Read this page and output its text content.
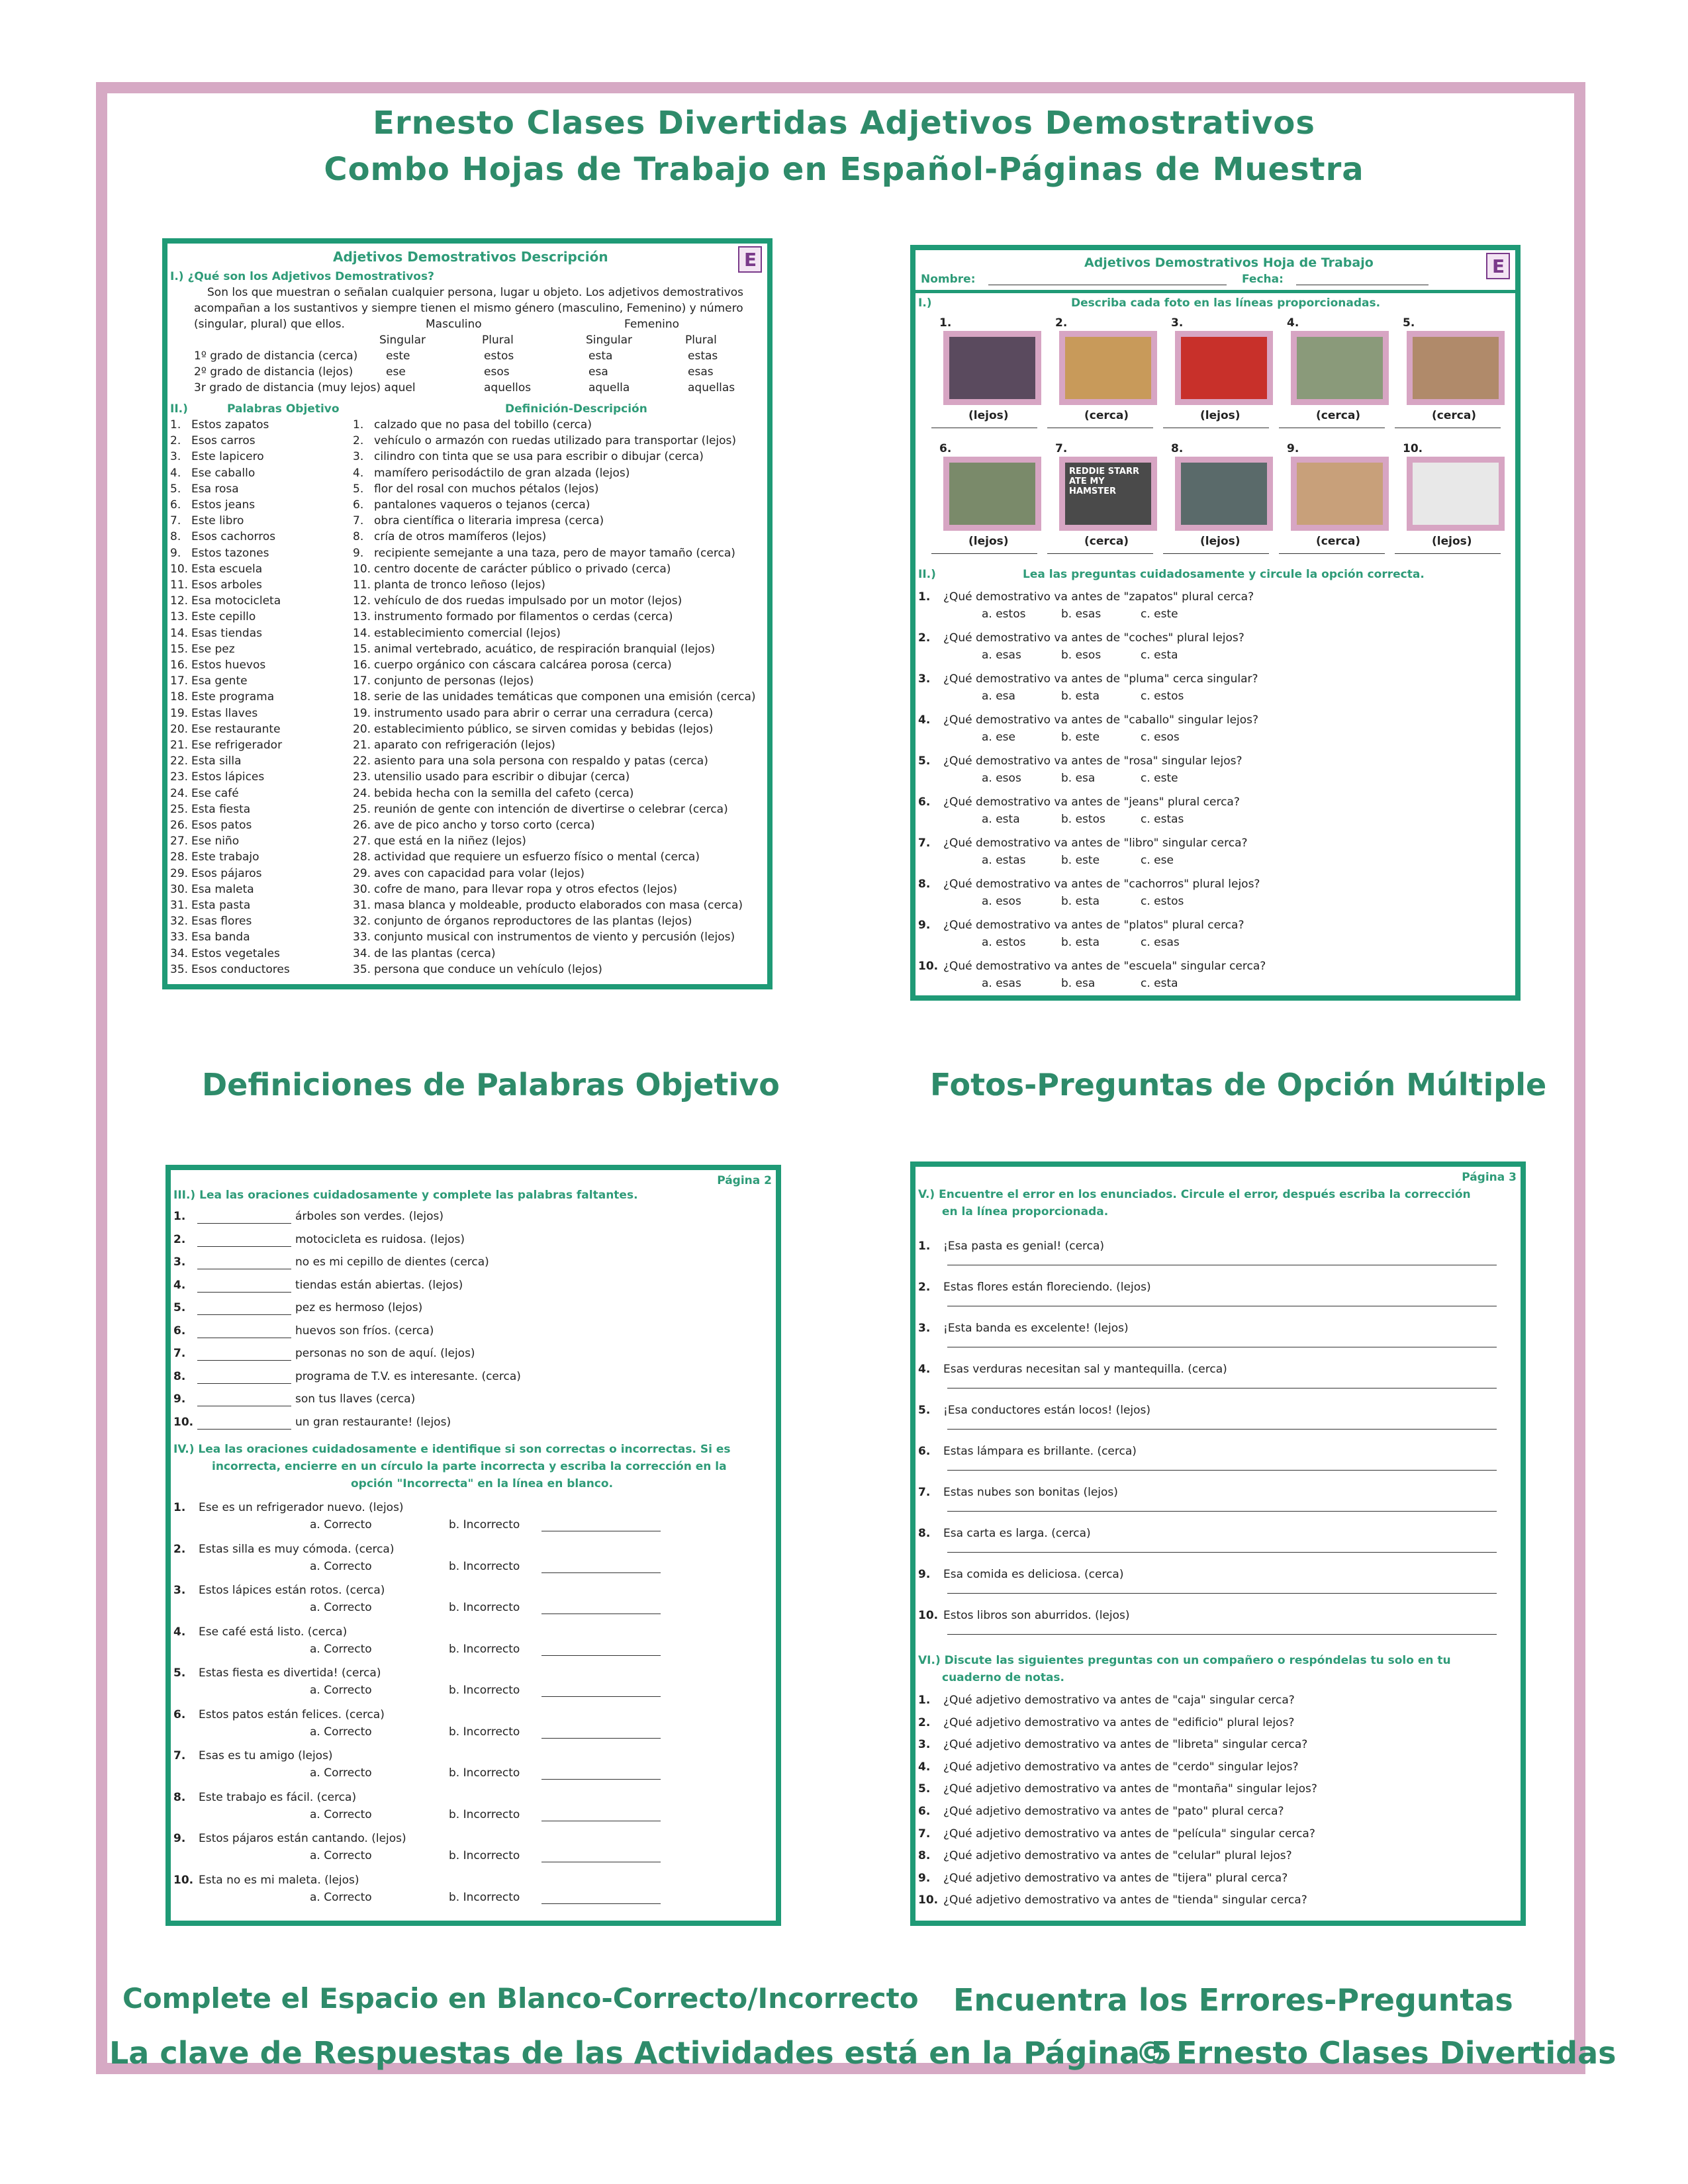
Ernesto Clases Divertidas Adjetivos Demostrativos
Combo Hojas de Trabajo en Español-Páginas de Muestra
Adjetivos Demostrativos Descripción
E
I.) ¿Qué son los Adjetivos Demostrativos?
Son los que muestran o señalan cualquier persona, lugar u objeto. Los adjetivos demostrativos
acompañan a los sustantivos y siempre tienen el mismo género (masculino, Femenino) y número
(singular, plural) que ellos.	Masculino	Femenino
Singular	Plural	Singular	Plural
1º grado de distancia (cerca)	este	estos	esta	estas
2º grado de distancia (lejos)	ese	esos	esa	esas
3r grado de distancia (muy lejos) aquel	aquellos	aquella	aquellas
II.)	Palabras Objetivo	Definición-Descripción
1. Estos zapatos	1. calzado que no pasa del tobillo (cerca)
2. Esos carros	2. vehículo o armazón con ruedas utilizado para transportar (lejos)
3. Este lapicero	3. cilindro con tinta que se usa para escribir o dibujar (cerca)
4. Ese caballo	4. mamífero perisodáctilo de gran alzada (lejos)
5. Esa rosa	5. flor del rosal con muchos pétalos (lejos)
6. Estos jeans	6. pantalones vaqueros o tejanos (cerca)
7. Este libro	7. obra científica o literaria impresa (cerca)
8. Esos cachorros	8. cría de otros mamíferos (lejos)
9. Estos tazones	9. recipiente semejante a una taza, pero de mayor tamaño (cerca)
10. Esta escuela	10. centro docente de carácter público o privado (cerca)
11. Esos arboles	11. planta de tronco leñoso (lejos)
12. Esa motocicleta	12. vehículo de dos ruedas impulsado por un motor (lejos)
13. Este cepillo	13. instrumento formado por filamentos o cerdas (cerca)
14. Esas tiendas	14. establecimiento comercial (lejos)
15. Ese pez	15. animal vertebrado, acuático, de respiración branquial (lejos)
16. Estos huevos	16. cuerpo orgánico con cáscara calcárea porosa (cerca)
17. Esa gente	17. conjunto de personas (lejos)
18. Este programa	18. serie de las unidades temáticas que componen una emisión (cerca)
19. Estas llaves	19. instrumento usado para abrir o cerrar una cerradura (cerca)
20. Ese restaurante	20. establecimiento público, se sirven comidas y bebidas (lejos)
21. Ese refrigerador	21. aparato con refrigeración (lejos)
22. Esta silla	22. asiento para una sola persona con respaldo y patas (cerca)
23. Estos lápices	23. utensilio usado para escribir o dibujar (cerca)
24. Ese café	24. bebida hecha con la semilla del cafeto (cerca)
25. Esta fiesta	25. reunión de gente con intención de divertirse o celebrar (cerca)
26. Esos patos	26. ave de pico ancho y torso corto (cerca)
27. Ese niño	27. que está en la niñez (lejos)
28. Este trabajo	28. actividad que requiere un esfuerzo físico o mental (cerca)
29. Esos pájaros	29. aves con capacidad para volar (lejos)
30. Esa maleta	30. cofre de mano, para llevar ropa y otros efectos (lejos)
31. Esta pasta	31. masa blanca y moldeable, producto elaborados con masa (cerca)
32. Esas flores	32. conjunto de órganos reproductores de las plantas (lejos)
33. Esa banda	33. conjunto musical con instrumentos de viento y percusión (lejos)
34. Estos vegetales	34. de las plantas (cerca)
35. Esos conductores	35. persona que conduce un vehículo (lejos)
Adjetivos Demostrativos Hoja de Trabajo
E
Nombre:	Fecha:
I.)	Describa cada foto en las líneas proporcionadas.
1.
(lejos)
2.
(cerca)
3.
(lejos)
4.
(cerca)
5.
(cerca)
6.
(lejos)
7.
REDDIE STARR ATE MY HAMSTER
(cerca)
8.
(lejos)
9.
(cerca)
10.
(lejos)
II.)	Lea las preguntas cuidadosamente y circule la opción correcta.
1. ¿Qué demostrativo va antes de "zapatos" plural cerca?
a. estos	b. esas	c. este
2. ¿Qué demostrativo va antes de "coches" plural lejos?
a. esas	b. esos	c. esta
3. ¿Qué demostrativo va antes de "pluma" cerca singular?
a. esa	b. esta	c. estos
4. ¿Qué demostrativo va antes de "caballo" singular lejos?
a. ese	b. este	c. esos
5. ¿Qué demostrativo va antes de "rosa" singular lejos?
a. esos	b. esa	c. este
6. ¿Qué demostrativo va antes de "jeans" plural cerca?
a. esta	b. estos	c. estas
7. ¿Qué demostrativo va antes de "libro" singular cerca?
a. estas	b. este	c. ese
8. ¿Qué demostrativo va antes de "cachorros" plural lejos?
a. esos	b. esta	c. estos
9. ¿Qué demostrativo va antes de "platos" plural cerca?
a. estos	b. esta	c. esas
10. ¿Qué demostrativo va antes de "escuela" singular cerca?
a. esas	b. esa	c. esta
Página 2
III.) Lea las oraciones cuidadosamente y complete las palabras faltantes.
1.	árboles son verdes. (lejos)
2.	motocicleta es ruidosa. (lejos)
3.	no es mi cepillo de dientes (cerca)
4.	tiendas están abiertas. (lejos)
5.	pez es hermoso (lejos)
6.	huevos son fríos. (cerca)
7.	personas no son de aquí. (lejos)
8.	programa de T.V. es interesante. (cerca)
9.	son tus llaves (cerca)
10.	un gran restaurante! (lejos)
IV.) Lea las oraciones cuidadosamente e identifique si son correctas o incorrectas. Si es
incorrecta, encierre en un círculo la parte incorrecta y escriba la corrección en la
opción "Incorrecta" en la línea en blanco.
1. Ese es un refrigerador nuevo. (lejos)
a. Correcto	b. Incorrecto
2. Estas silla es muy cómoda. (cerca)
a. Correcto	b. Incorrecto
3. Estos lápices están rotos. (cerca)
a. Correcto	b. Incorrecto
4. Ese café está listo. (cerca)
a. Correcto	b. Incorrecto
5. Estas fiesta es divertida! (cerca)
a. Correcto	b. Incorrecto
6. Estos patos están felices. (cerca)
a. Correcto	b. Incorrecto
7. Esas es tu amigo (lejos)
a. Correcto	b. Incorrecto
8. Este trabajo es fácil. (cerca)
a. Correcto	b. Incorrecto
9. Estos pájaros están cantando. (lejos)
a. Correcto	b. Incorrecto
10. Esta no es mi maleta. (lejos)
a. Correcto	b. Incorrecto
Página 3
V.) Encuentre el error en los enunciados. Circule el error, después escriba la corrección
en la línea proporcionada.
1. ¡Esa pasta es genial! (cerca)
2. Estas flores están floreciendo. (lejos)
3. ¡Esta banda es excelente! (lejos)
4. Esas verduras necesitan sal y mantequilla. (cerca)
5. ¡Esa conductores están locos! (lejos)
6. Estas lámpara es brillante. (cerca)
7. Estas nubes son bonitas (lejos)
8. Esa carta es larga. (cerca)
9. Esa comida es deliciosa. (cerca)
10. Estos libros son aburridos. (lejos)
VI.) Discute las siguientes preguntas con un compañero o respóndelas tu solo en tu
cuaderno de notas.
1. ¿Qué adjetivo demostrativo va antes de "caja" singular cerca?
2. ¿Qué adjetivo demostrativo va antes de "edificio" plural lejos?
3. ¿Qué adjetivo demostrativo va antes de "libreta" singular cerca?
4. ¿Qué adjetivo demostrativo va antes de "cerdo" singular lejos?
5. ¿Qué adjetivo demostrativo va antes de "montaña" singular lejos?
6. ¿Qué adjetivo demostrativo va antes de "pato" plural cerca?
7. ¿Qué adjetivo demostrativo va antes de "película" singular cerca?
8. ¿Qué adjetivo demostrativo va antes de "celular" plural lejos?
9. ¿Qué adjetivo demostrativo va antes de "tijera" plural cerca?
10. ¿Qué adjetivo demostrativo va antes de "tienda" singular cerca?
Definiciones de Palabras Objetivo	Fotos-Preguntas de Opción Múltiple
Complete el Espacio en Blanco-Correcto/Incorrecto Encuentra los Errores-Preguntas
La clave de Respuestas de las Actividades está en la Página 5
© Ernesto Clases Divertidas
